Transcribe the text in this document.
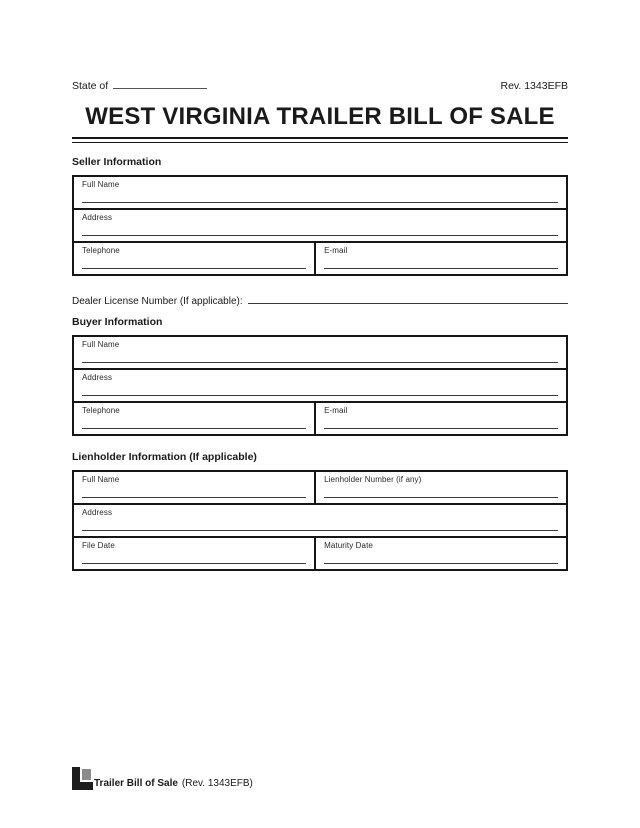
State of	Rev. 1343EFB
WEST VIRGINIA TRAILER BILL OF SALE
Seller Information
Full Name
Address
Telephone	E-mail
Dealer License Number (If applicable):
Buyer Information
Full Name
Address
Telephone	E-mail
Lienholder Information (If applicable)
Full Name	Lienholder Number (if any)
Address
File Date	Maturity Date
Trailer Bill of Sale (Rev. 1343EFB)
